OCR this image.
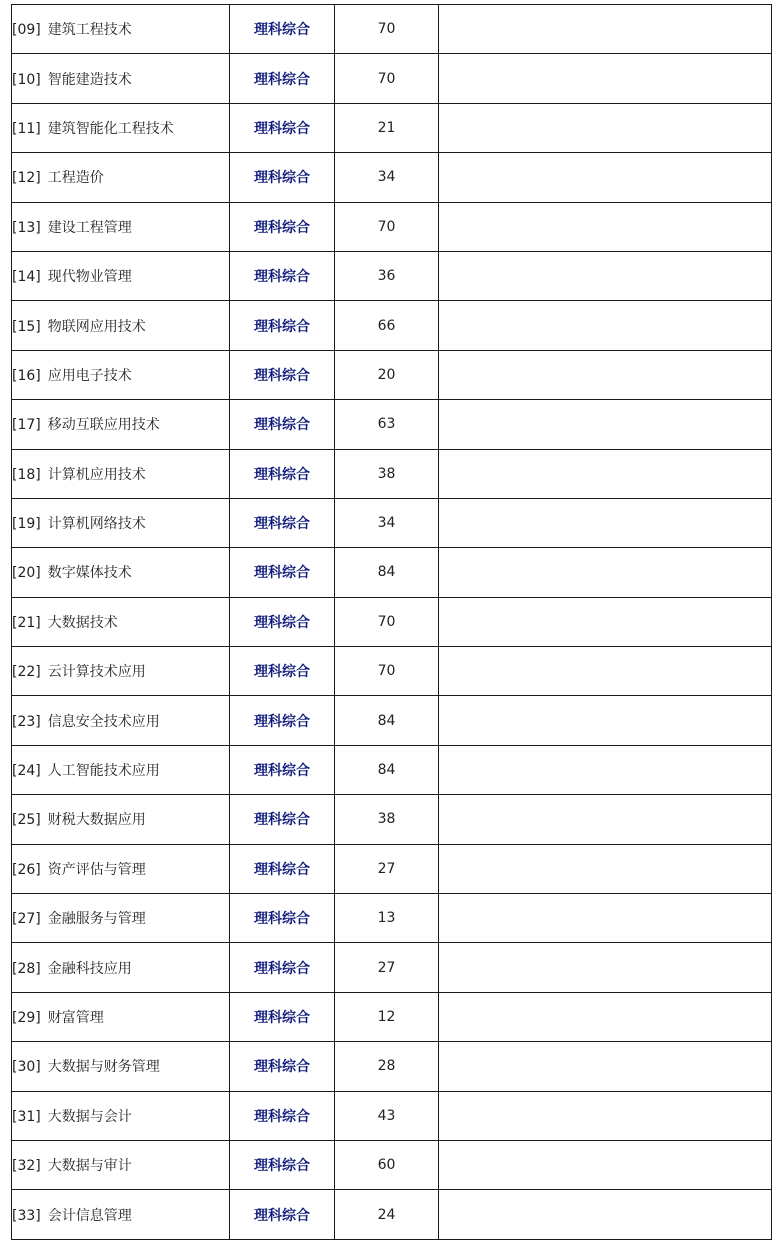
[09] 建筑工程技术	理科综合	70	
[10] 智能建造技术	理科综合	70	
[11] 建筑智能化工程技术	理科综合	21	
[12] 工程造价	理科综合	34	
[13] 建设工程管理	理科综合	70	
[14] 现代物业管理	理科综合	36	
[15] 物联网应用技术	理科综合	66	
[16] 应用电子技术	理科综合	20	
[17] 移动互联应用技术	理科综合	63	
[18] 计算机应用技术	理科综合	38	
[19] 计算机网络技术	理科综合	34	
[20] 数字媒体技术	理科综合	84	
[21] 大数据技术	理科综合	70	
[22] 云计算技术应用	理科综合	70	
[23] 信息安全技术应用	理科综合	84	
[24] 人工智能技术应用	理科综合	84	
[25] 财税大数据应用	理科综合	38	
[26] 资产评估与管理	理科综合	27	
[27] 金融服务与管理	理科综合	13	
[28] 金融科技应用	理科综合	27	
[29] 财富管理	理科综合	12	
[30] 大数据与财务管理	理科综合	28	
[31] 大数据与会计	理科综合	43	
[32] 大数据与审计	理科综合	60	
[33] 会计信息管理	理科综合	24	
